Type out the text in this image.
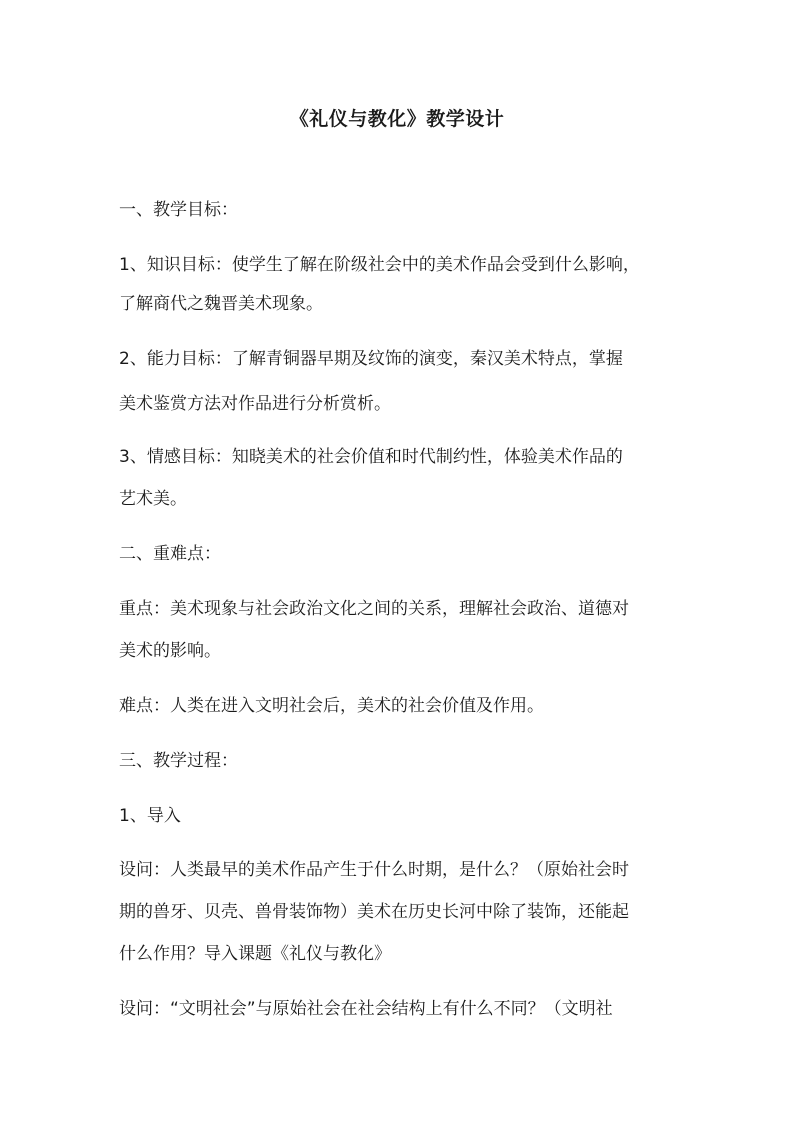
《礼仪与教化》教学设计
一、教学目标：
1、知识目标：使学生了解在阶级社会中的美术作品会受到什么影响，
了解商代之魏晋美术现象。
2、能力目标：了解青铜器早期及纹饰的演变，秦汉美术特点，掌握
美术鉴赏方法对作品进行分析赏析。
3、情感目标：知晓美术的社会价值和时代制约性，体验美术作品的
艺术美。
二、重难点：
重点：美术现象与社会政治文化之间的关系，理解社会政治、道德对
美术的影响。
难点：人类在进入文明社会后，美术的社会价值及作用。
三、教学过程：
1、导入
设问：人类最早的美术作品产生于什么时期，是什么？（原始社会时
期的兽牙、贝壳、兽骨装饰物）美术在历史长河中除了装饰，还能起
什么作用？导入课题《礼仪与教化》
设问：“文明社会”与原始社会在社会结构上有什么不同？（文明社
